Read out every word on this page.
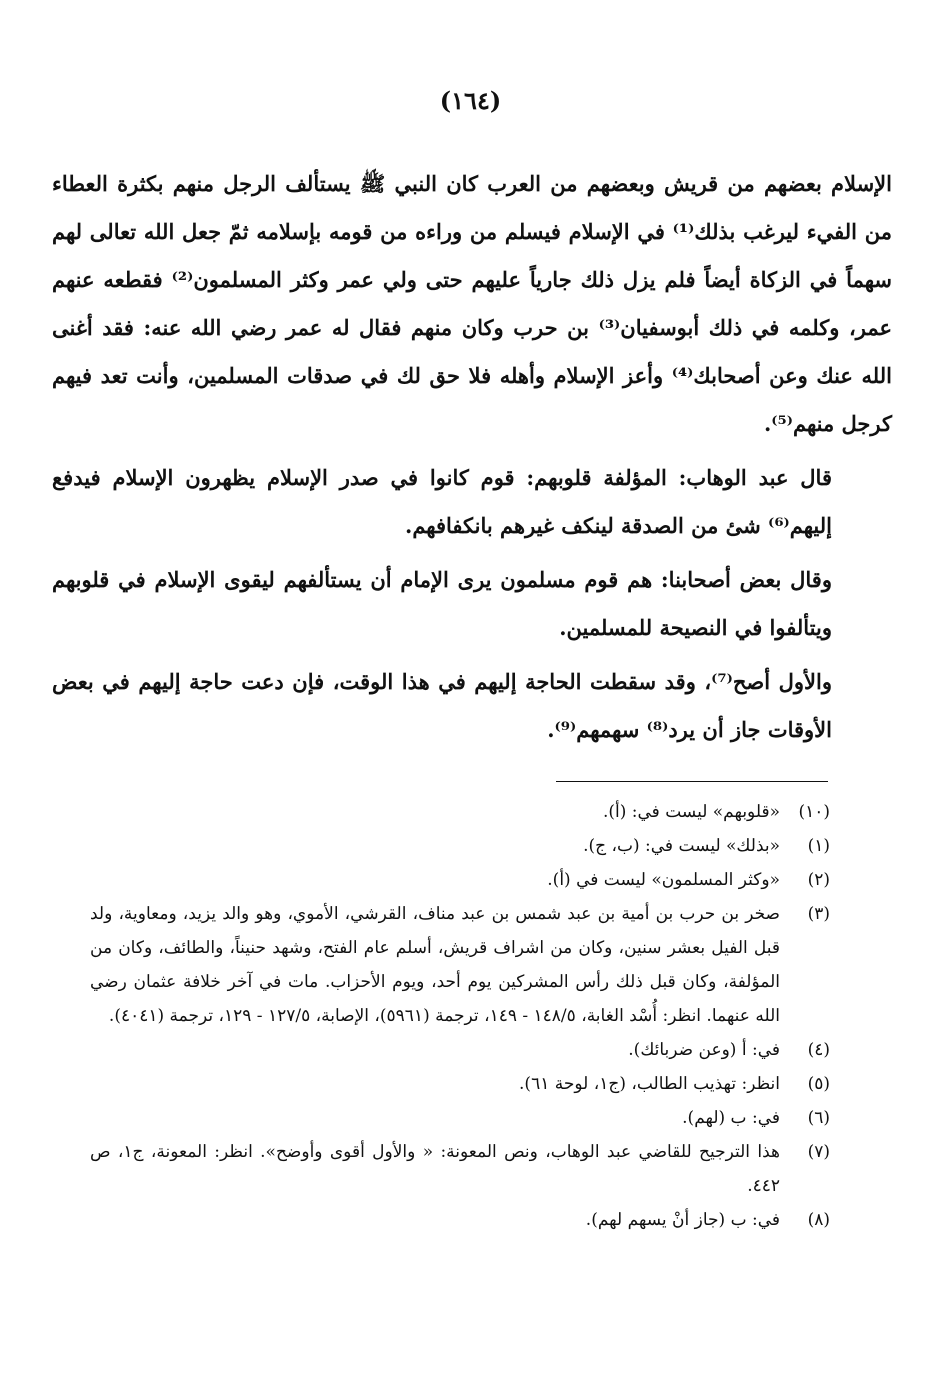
(١٦٤)

الإسلام بعضهم من قريش وبعضهم من العرب كان النبي ﷺ يستألف الرجل منهم بكثرة العطاء من الفيء ليرغب بذلك⁽¹⁾ في الإسلام فيسلم من وراءه من قومه بإسلامه ثمّ جعل الله تعالى لهم سهماً في الزكاة أيضاً فلم يزل ذلك جارياً عليهم حتى ولي عمر وكثر المسلمون⁽²⁾ فقطعه عنهم عمر، وكلمه في ذلك أبوسفيان⁽³⁾ بن حرب وكان منهم فقال له عمر رضي الله عنه: فقد أغنى الله عنك وعن أصحابك⁽⁴⁾ وأعز الإسلام وأهله فلا حق لك في صدقات المسلمين، وأنت تعد فيهم كرجل منهم⁽⁵⁾.

قال عبد الوهاب: المؤلفة قلوبهم: قوم كانوا في صدر الإسلام يظهرون الإسلام فيدفع إليهم⁽⁶⁾ شئ من الصدقة لينكف غيرهم بانكفافهم.

وقال بعض أصحابنا: هم قوم مسلمون يرى الإمام أن يستألفهم ليقوى الإسلام في قلوبهم ويتألفوا في النصيحة للمسلمين.

والأول أصح⁽⁷⁾، وقد سقطت الحاجة إليهم في هذا الوقت، فإن دعت حاجة إليهم في بعض الأوقات جاز أن يرد⁽⁸⁾ سهمهم⁽⁹⁾.

(١٠)
«قلوبهم» ليست في: (أ).
(١)
«بذلك» ليست في: (ب، ج).
(٢)
«وكثر المسلمون» ليست في (أ).
(٣)
صخر بن حرب بن أمية بن عبد شمس بن عبد مناف، القرشي، الأموي، وهو والد يزيد، ومعاوية، ولد قبل الفيل بعشر سنين، وكان من اشراف قريش، أسلم عام الفتح، وشهد حنيناً، والطائف، وكان من المؤلفة، وكان قبل ذلك رأس المشركين يوم أحد، ويوم الأحزاب. مات في آخر خلافة عثمان رضي الله عنهما. انظر: أُسْد الغابة، ١٤٨/٥ - ١٤٩، ترجمة (٥٩٦١)، الإصابة، ١٢٧/٥ - ١٢٩، ترجمة (٤٠٤١).
(٤)
في: أ (وعن ضربائك).
(٥)
انظر: تهذيب الطالب، (ج١، لوحة ٦١).
(٦)
في: ب (لهم).
(٧)
هذا الترجيح للقاضي عبد الوهاب، ونص المعونة: « والأول أقوى وأوضح». انظر: المعونة، ج١، ص ٤٤٢.
(٨)
في: ب (جاز أنْ يسهم لهم).
